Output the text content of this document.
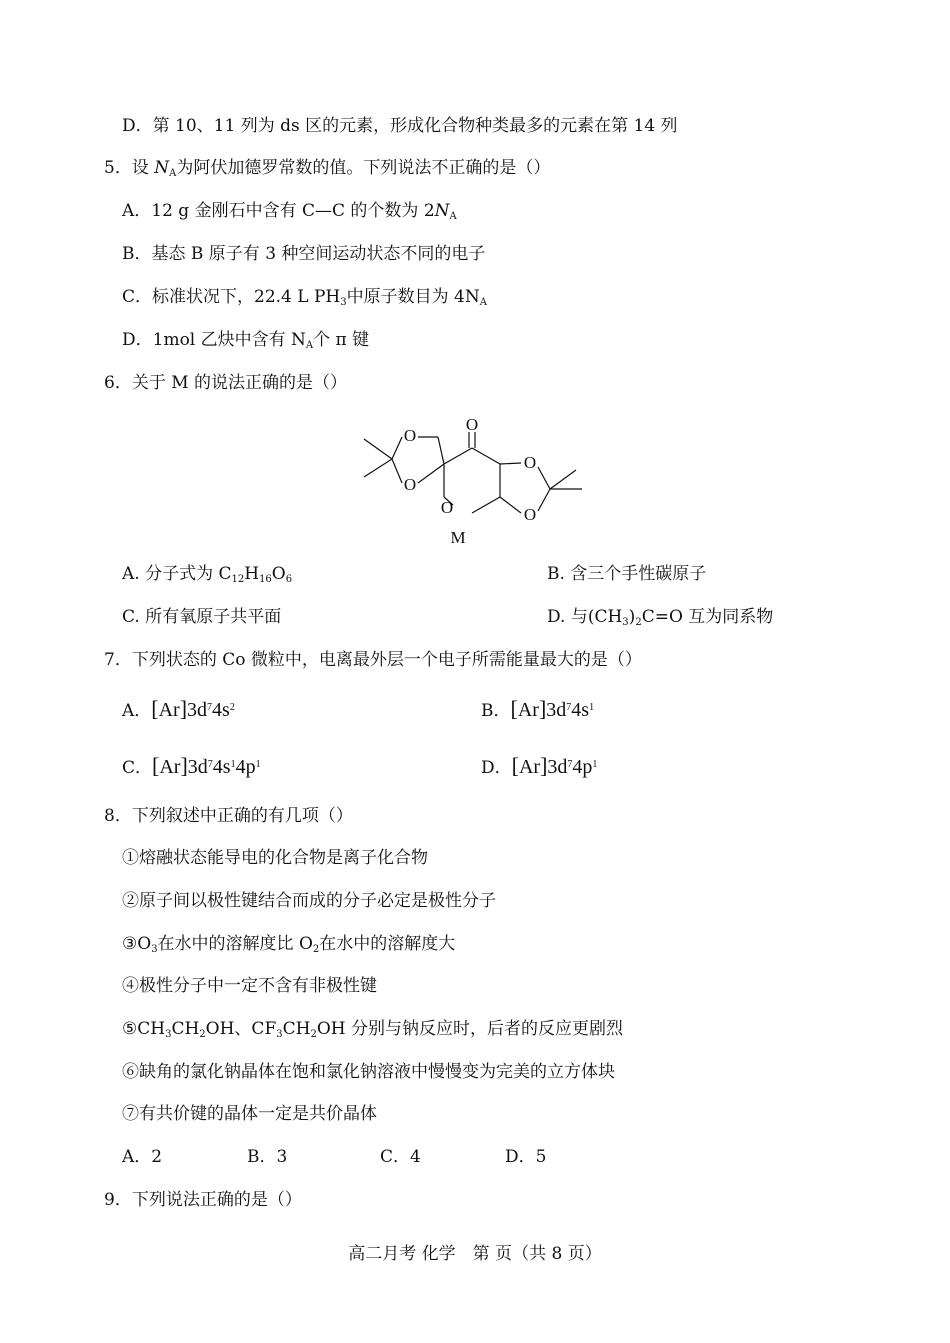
D．第 10、11 列为 ds 区的元素，形成化合物种类最多的元素在第 14 列
5．设 $N_A$为阿伏加德罗常数的值。下列说法不正确的是（）
A．12 g 金刚石中含有 C—C 的个数为 $2N_A$
B．基态 B 原子有 3 种空间运动状态不同的电子
C．标准状况下，22.4 L $PH_3$中原子数目为 $4N_A$
D．1mol 乙炔中含有 $N_A$个 π 键
6．关于 M 的说法正确的是（）
O
O
O
O
O
O
M
A. 分子式为 $C_{12}H_{16}O_6$	B. 含三个手性碳原子
C. 所有氧原子共平面	D. 与$(CH_3)_2C=O$ 互为同系物
7．下列状态的 Co 微粒中，电离最外层一个电子所需能量最大的是（）
A．$[Ar]3d^74s^2$	B．$[Ar]3d^74s^1$
C．$[Ar]3d^74s^14p^1$	D．$[Ar]3d^74p^1$
8．下列叙述中正确的有几项（）
①熔融状态能导电的化合物是离子化合物
②原子间以极性键结合而成的分子必定是极性分子
$③O_3$在水中的溶解度比 $O_2$在水中的溶解度大
④极性分子中一定不含有非极性键
$⑤CH_3CH_2OH$、$CF_3CH_2OH$ 分别与钠反应时，后者的反应更剧烈
⑥缺角的氯化钠晶体在饱和氯化钠溶液中慢慢变为完美的立方体块
⑦有共价键的晶体一定是共价晶体
A．2	B．3	C．4	D．5
9．下列说法正确的是（）
高二月考 化学　第 页（共 8 页）
